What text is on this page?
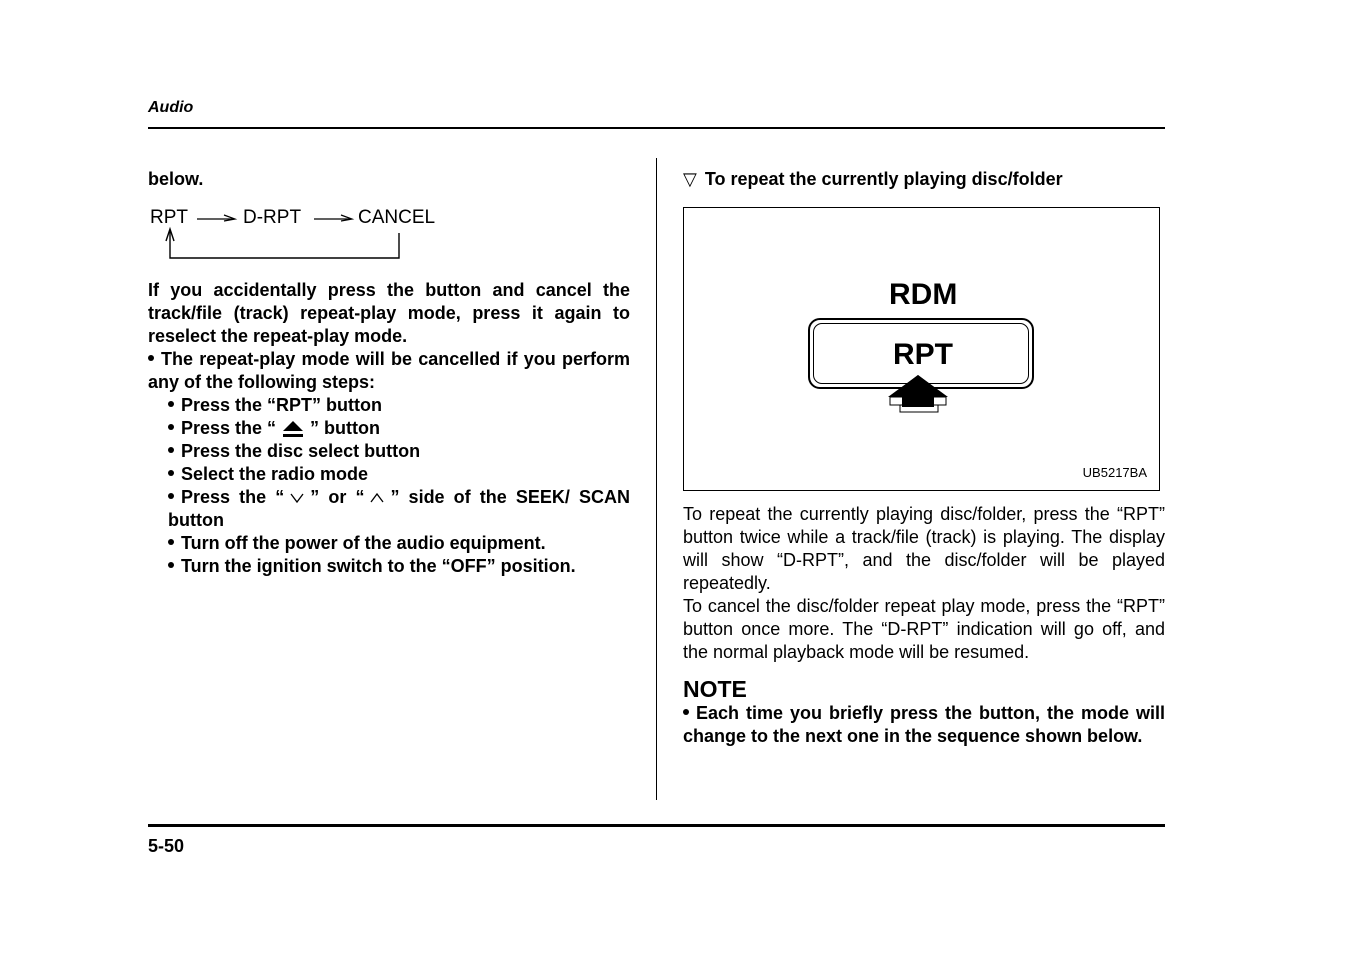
Audio

below.

RPT	D-RPT	CANCEL

If you accidentally press the button and cancel the track/file (track) repeat-play mode, press it again to reselect the repeat-play mode.

The repeat-play mode will be cancelled if you perform any of the following steps:

Press the “RPT” button
Press the “ ” button
Press the disc select button
Select the radio mode
Press the “ ” or “ ” side of the SEEK/ SCAN button
Turn off the power of the audio equipment.
Turn the ignition switch to the “OFF” position.
▽ To repeat the currently playing disc/folder
RDM
RPT
UB5217BA

To repeat the currently playing disc/folder, press the “RPT” button twice while a track/file (track) is playing. The display will show “D-RPT”, and the disc/folder will be played repeatedly.

To cancel the disc/folder repeat play mode, press the “RPT” button once more. The “D-RPT” indication will go off, and the normal playback mode will be resumed.

NOTE

Each time you briefly press the button, the mode will change to the next one in the sequence shown below.

5-50
